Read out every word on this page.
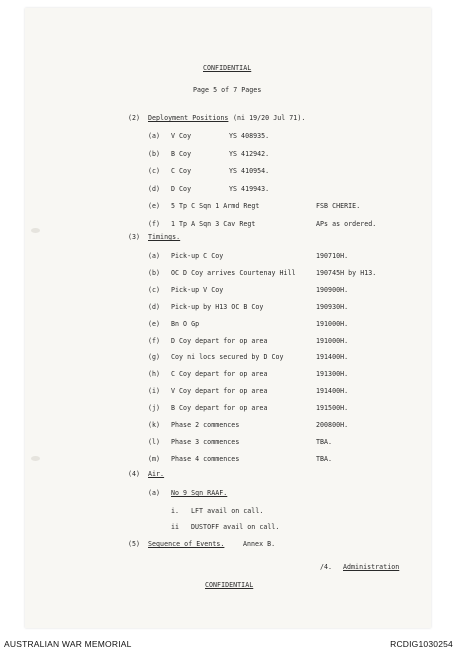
CONFIDENTIAL
Page 5 of 7 Pages
(2) Deployment Positions (ni 19/20 Jul 71).
(a) V Coy	YS 408935.
(b) B Coy	YS 412942.
(c) C Coy	YS 410954.
(d) D Coy	YS 419943.
(e) 5 Tp C Sqn 1 Armd Regt	FSB CHERIE.
(f) 1 Tp A Sqn 3 Cav Regt	APs as ordered.
(3) Timings.
(a) Pick-up C Coy	190710H.
(b) OC D Coy arrives Courtenay Hill	190745H by H13.
(c) Pick-up V Coy	190900H.
(d) Pick-up by H13 OC B Coy	190930H.
(e) Bn O Gp	191000H.
(f) D Coy depart for op area	191000H.
(g) Coy ni locs secured by D Coy	191400H.
(h) C Coy depart for op area	191300H.
(i) V Coy depart for op area	191400H.
(j) B Coy depart for op area	191500H.
(k) Phase 2 commences	200800H.
(l) Phase 3 commences	TBA.
(m) Phase 4 commences	TBA.
(4) Air.
(a) No 9 Sqn RAAF.
i. LFT avail on call.
ii DUSTOFF avail on call.
(5) Sequence of Events.	Annex B.
/4. Administration
CONFIDENTIAL
AUSTRALIAN WAR MEMORIAL	RCDIG1030254
